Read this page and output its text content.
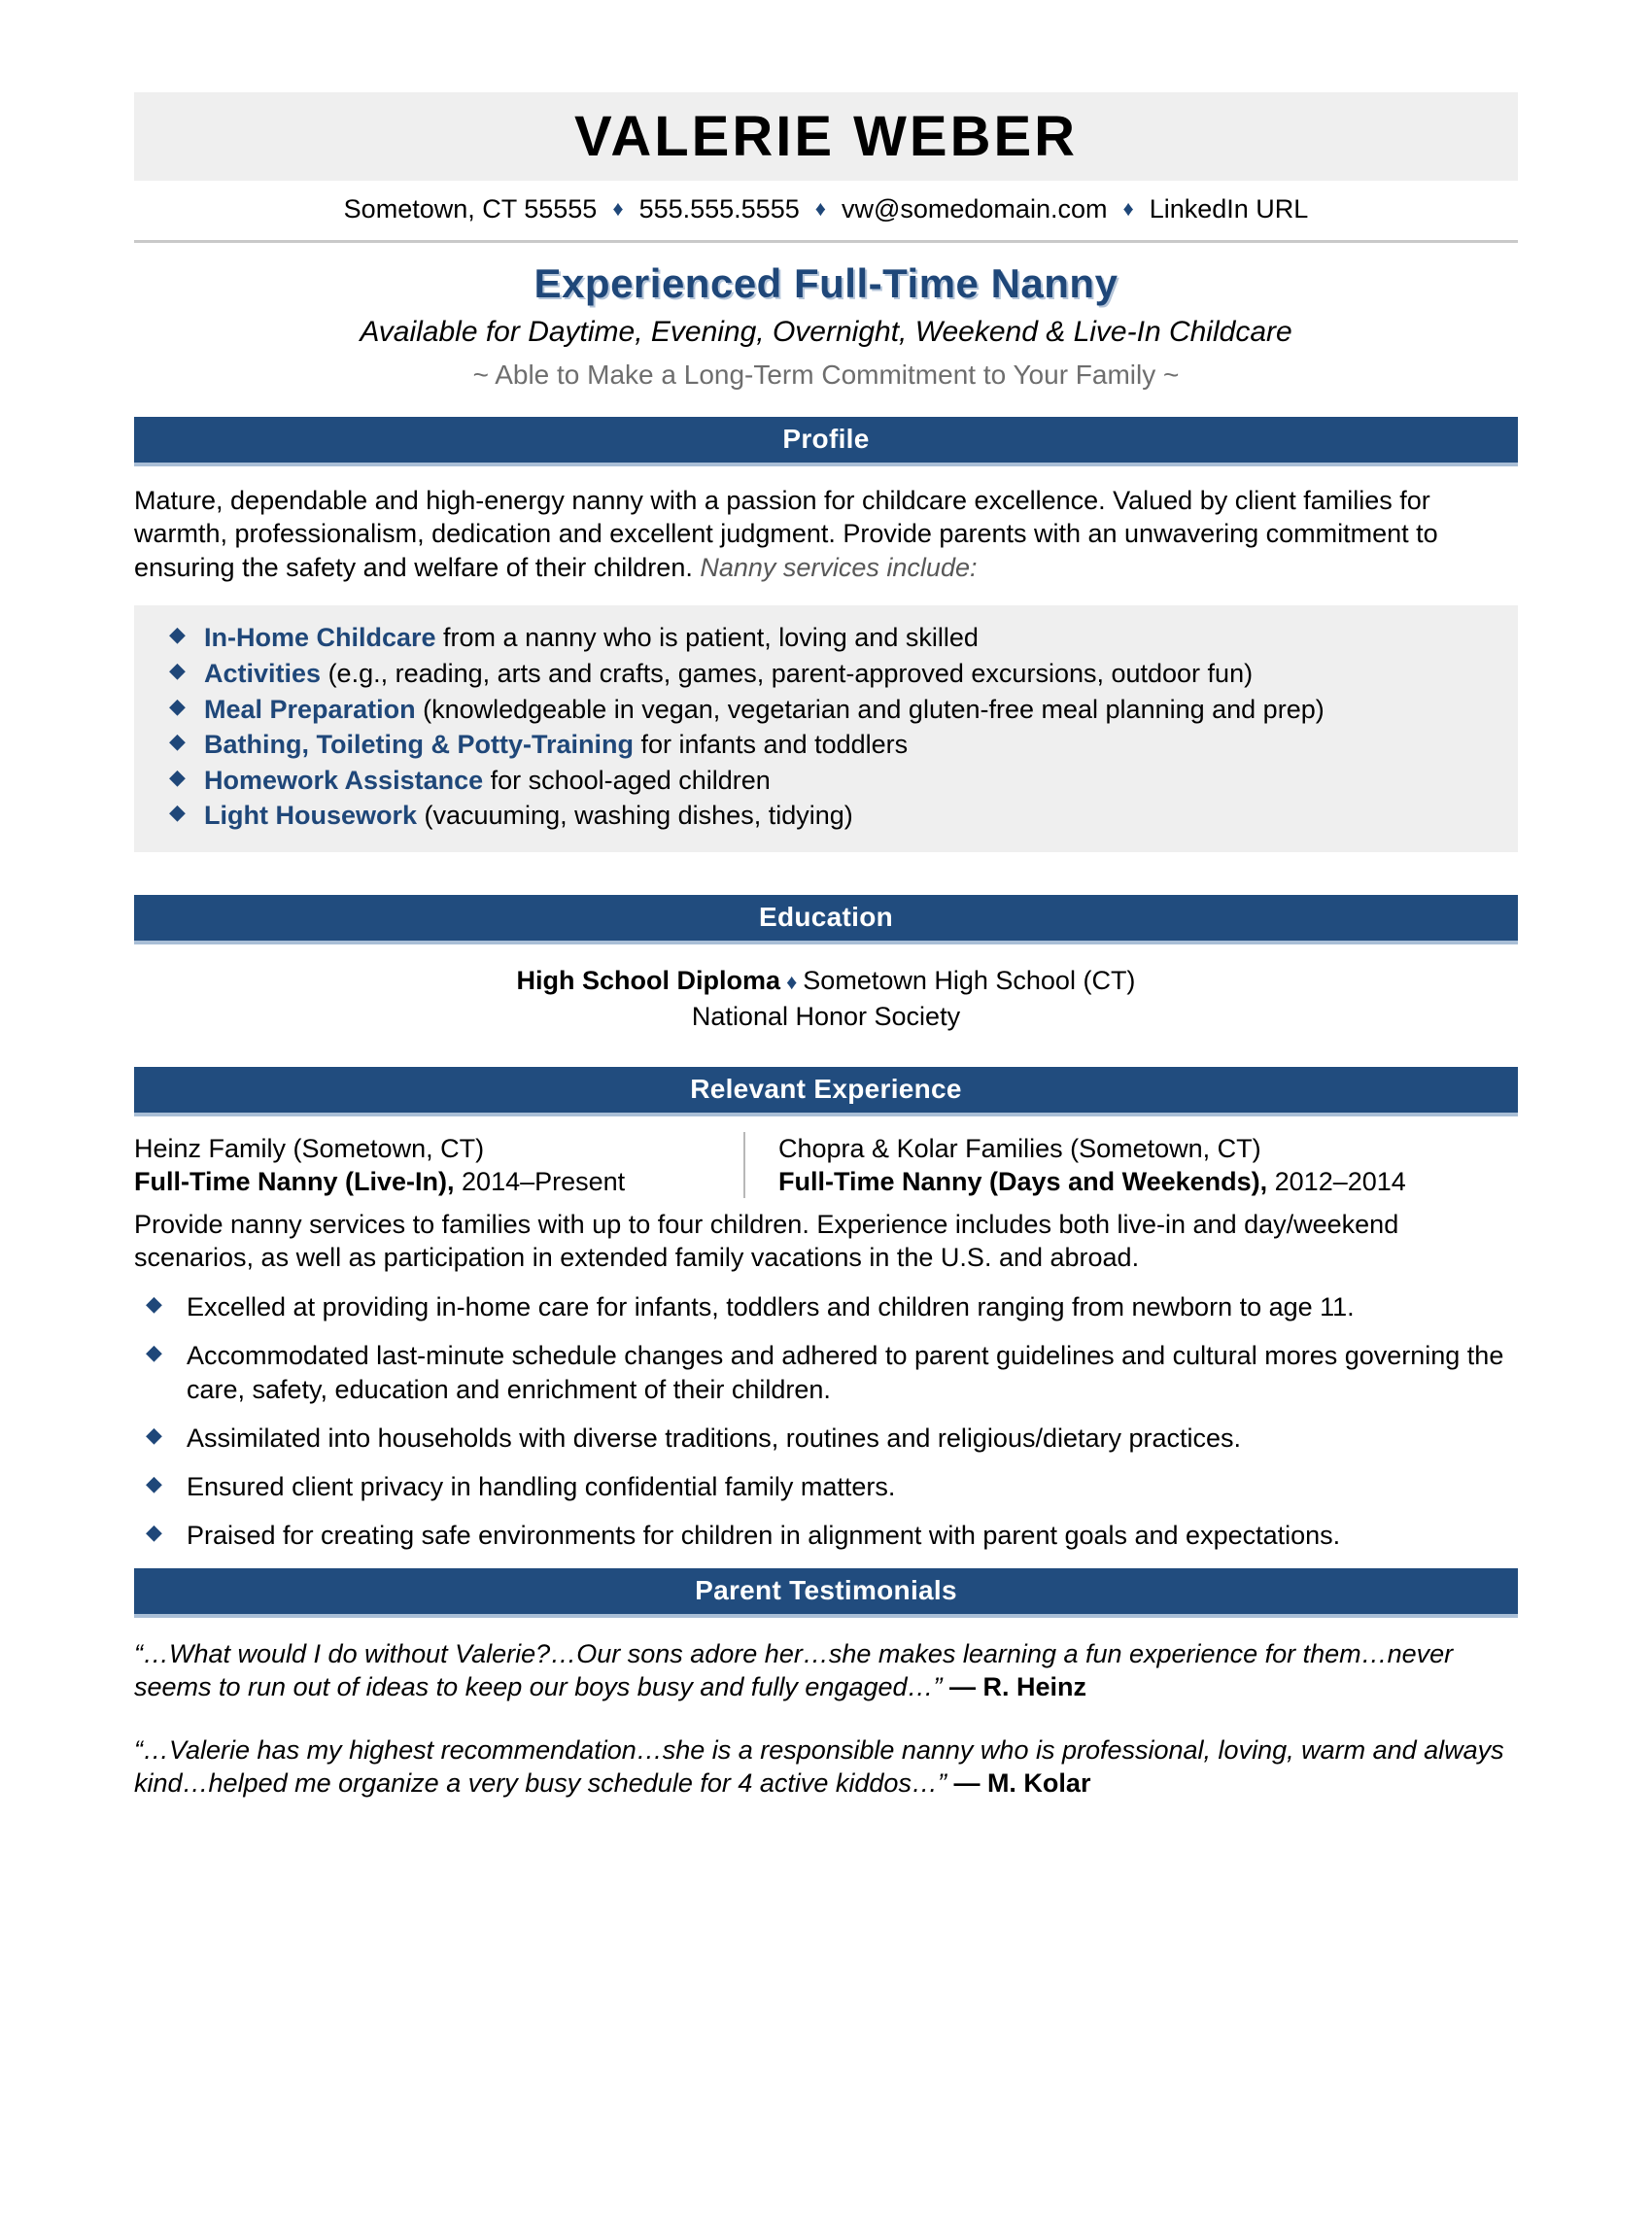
VALERIE WEBER
Sometown, CT 55555 ♦ 555.555.5555 ♦ vw@somedomain.com ♦ LinkedIn URL
Experienced Full-Time Nanny
Available for Daytime, Evening, Overnight, Weekend & Live-In Childcare
~ Able to Make a Long-Term Commitment to Your Family ~
Profile
Mature, dependable and high-energy nanny with a passion for childcare excellence. Valued by client families for warmth, professionalism, dedication and excellent judgment. Provide parents with an unwavering commitment to ensuring the safety and welfare of their children. Nanny services include:
◆ In-Home Childcare from a nanny who is patient, loving and skilled
◆ Activities (e.g., reading, arts and crafts, games, parent-approved excursions, outdoor fun)
◆ Meal Preparation (knowledgeable in vegan, vegetarian and gluten-free meal planning and prep)
◆ Bathing, Toileting & Potty-Training for infants and toddlers
◆ Homework Assistance for school-aged children
◆ Light Housework (vacuuming, washing dishes, tidying)
Education
High School Diploma ♦ Sometown High School (CT)
National Honor Society
Relevant Experience
Heinz Family (Sometown, CT)
Full-Time Nanny (Live-In), 2014–Present
Chopra & Kolar Families (Sometown, CT)
Full-Time Nanny (Days and Weekends), 2012–2014
Provide nanny services to families with up to four children. Experience includes both live-in and day/weekend scenarios, as well as participation in extended family vacations in the U.S. and abroad.
◆ Excelled at providing in-home care for infants, toddlers and children ranging from newborn to age 11.
◆ Accommodated last-minute schedule changes and adhered to parent guidelines and cultural mores governing the care, safety, education and enrichment of their children.
◆ Assimilated into households with diverse traditions, routines and religious/dietary practices.
◆ Ensured client privacy in handling confidential family matters.
◆ Praised for creating safe environments for children in alignment with parent goals and expectations.
Parent Testimonials
“…What would I do without Valerie?…Our sons adore her…she makes learning a fun experience for them…never seems to run out of ideas to keep our boys busy and fully engaged…” — R. Heinz
“…Valerie has my highest recommendation…she is a responsible nanny who is professional, loving, warm and always kind…helped me organize a very busy schedule for 4 active kiddos…” — M. Kolar
